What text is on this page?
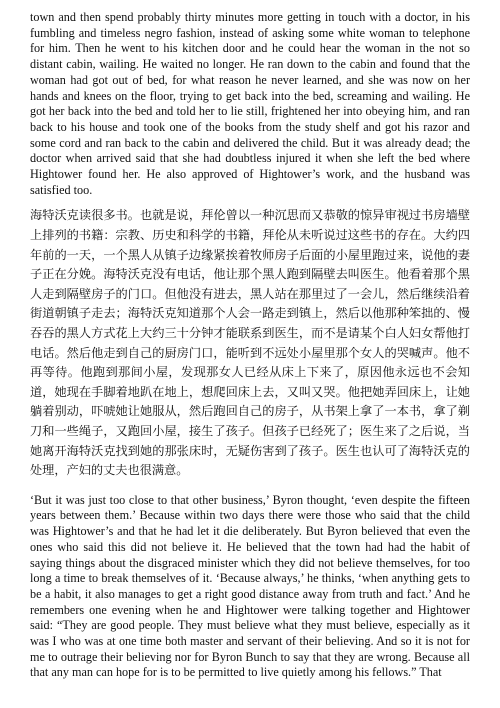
town and then spend probably thirty minutes more getting in touch with a doctor, in his fumbling and timeless negro fashion, instead of asking some white woman to telephone for him. Then he went to his kitchen door and he could hear the woman in the not so distant cabin, wailing. He waited no longer. He ran down to the cabin and found that the woman had got out of bed, for what reason he never learned, and she was now on her hands and knees on the floor, trying to get back into the bed, screaming and wailing. He got her back into the bed and told her to lie still, frightened her into obeying him, and ran back to his house and took one of the books from the study shelf and got his razor and some cord and ran back to the cabin and delivered the child. But it was already dead; the doctor when arrived said that she had doubtless injured it when she left the bed where Hightower found her. He also approved of Hightower’s work, and the husband was satisfied too.

海特沃克读很多书。也就是说，拜伦曾以一种沉思而又恭敬的惊异审视过书房墙壁上排列的书籍：宗教、历史和科学的书籍，拜伦从未听说过这些书的存在。大约四年前的一天，一个黑人从镇子边缘紧挨着牧师房子后面的小屋里跑过来，说他的妻子正在分娩。海特沃克没有电话，他让那个黑人跑到隔壁去叫医生。他看着那个黑人走到隔壁房子的门口。但他没有进去，黑人站在那里过了一会儿，然后继续沿着街道朝镇子走去；海特沃克知道那个人会一路走到镇上，然后以他那种笨拙的、慢吞吞的黑人方式花上大约三十分钟才能联系到医生，而不是请某个白人妇女帮他打电话。然后他走到自己的厨房门口，能听到不远处小屋里那个女人的哭喊声。他不再等待。他跑到那间小屋，发现那女人已经从床上下来了，原因他永远也不会知道，她现在手脚着地趴在地上，想爬回床上去，又叫又哭。他把她弄回床上，让她躺着别动，吓唬她让她服从，然后跑回自己的房子，从书架上拿了一本书，拿了剃刀和一些绳子，又跑回小屋，接生了孩子。但孩子已经死了；医生来了之后说，当她离开海特沃克找到她的那张床时，无疑伤害到了孩子。医生也认可了海特沃克的处理，产妇的丈夫也很满意。

‘But it was just too close to that other business,’ Byron thought, ‘even despite the fifteen years between them.’ Because within two days there were those who said that the child was Hightower’s and that he had let it die deliberately. But Byron believed that even the ones who said this did not believe it. He believed that the town had had the habit of saying things about the disgraced minister which they did not believe themselves, for too long a time to break themselves of it. ‘Because always,’ he thinks, ‘when anything gets to be a habit, it also manages to get a right good distance away from truth and fact.’ And he remembers one evening when he and Hightower were talking together and Hightower said: “They are good people. They must believe what they must believe, especially as it was I who was at one time both master and servant of their believing. And so it is not for me to outrage their believing nor for Byron Bunch to say that they are wrong. Because all that any man can hope for is to be permitted to live quietly among his fellows.” That
